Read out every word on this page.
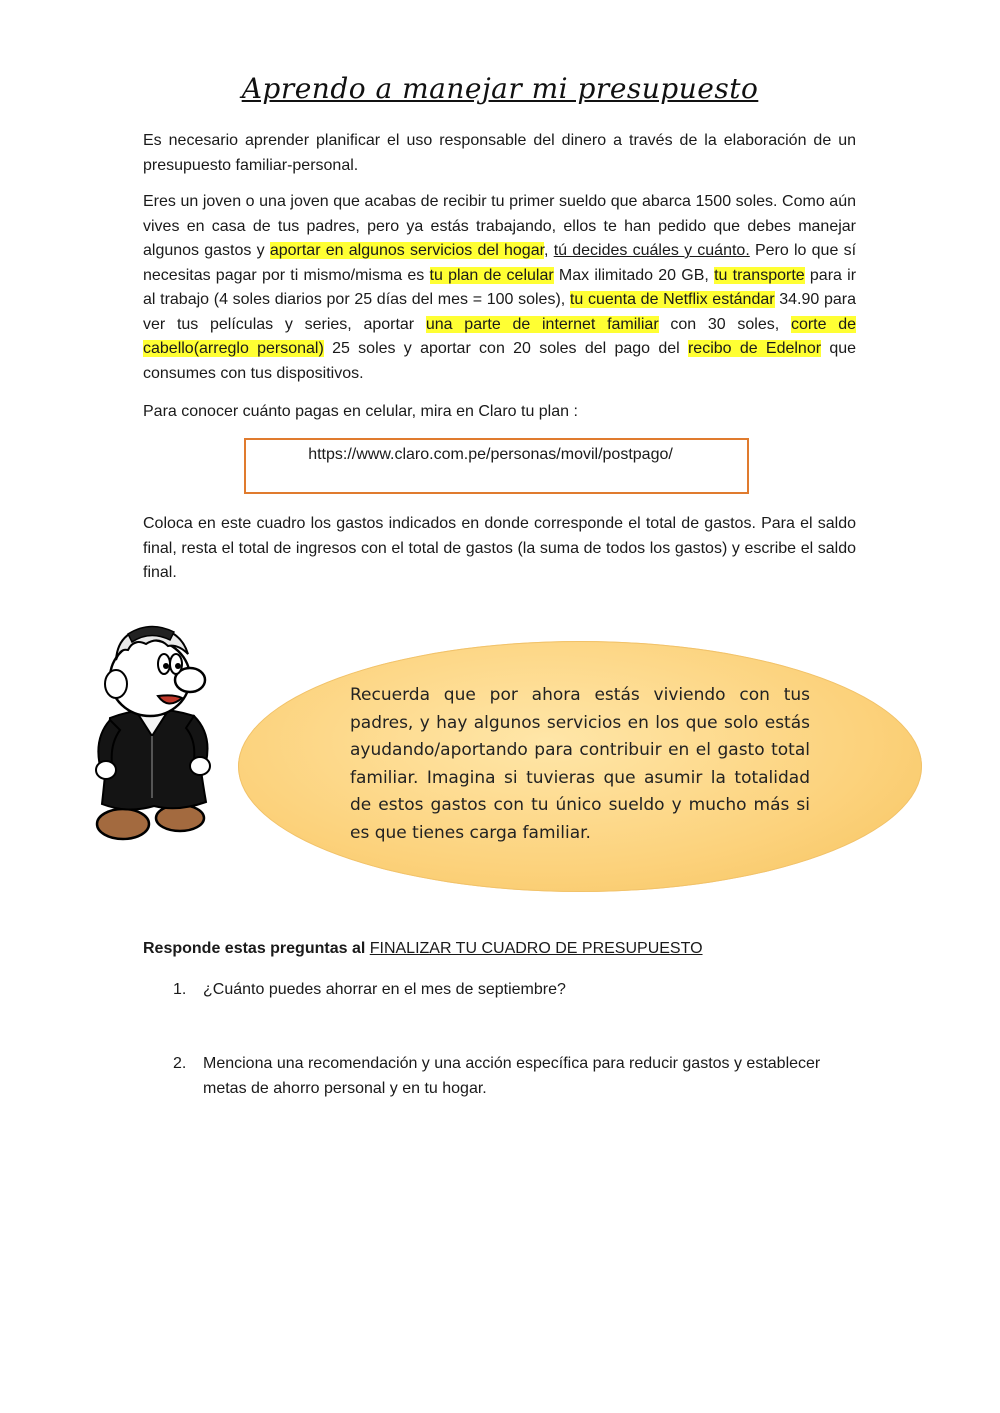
Aprendo a manejar mi presupuesto

Es necesario aprender planificar el uso responsable del dinero a través de la elaboración de un presupuesto familiar-personal.

Eres un joven o una joven que acabas de recibir tu primer sueldo que abarca 1500 soles. Como aún vives en casa de tus padres, pero ya estás trabajando, ellos te han pedido que debes manejar algunos gastos y aportar en algunos servicios del hogar, tú decides cuáles y cuánto. Pero lo que sí necesitas pagar por ti mismo/misma es tu plan de celular Max ilimitado 20 GB, tu transporte para ir al trabajo (4 soles diarios por 25 días del mes = 100 soles), tu cuenta de Netflix estándar 34.90 para ver tus películas y series, aportar una parte de internet familiar con 30 soles, corte de cabello(arreglo personal) 25 soles y aportar con 20 soles del pago del recibo de Edelnor que consumes con tus dispositivos.

Para conocer cuánto pagas en celular, mira en Claro tu plan :

https://www.claro.com.pe/personas/movil/postpago/

Coloca en este cuadro los gastos indicados en donde corresponde el total de gastos. Para el saldo final, resta el total de ingresos con el total de gastos (la suma de todos los gastos) y escribe el saldo final.

Recuerda que por ahora estás viviendo con tus padres, y hay algunos servicios en los que solo estás ayudando/aportando para contribuir en el gasto total familiar. Imagina si tuvieras que asumir la totalidad de estos gastos con tu único sueldo y mucho más si es que tienes carga familiar.

Responde estas preguntas al FINALIZAR TU CUADRO DE PRESUPUESTO
1.	¿Cuánto puedes ahorrar en el mes de septiembre?
2.	Menciona una recomendación y una acción específica para reducir gastos y establecer metas de ahorro personal y en tu hogar.
